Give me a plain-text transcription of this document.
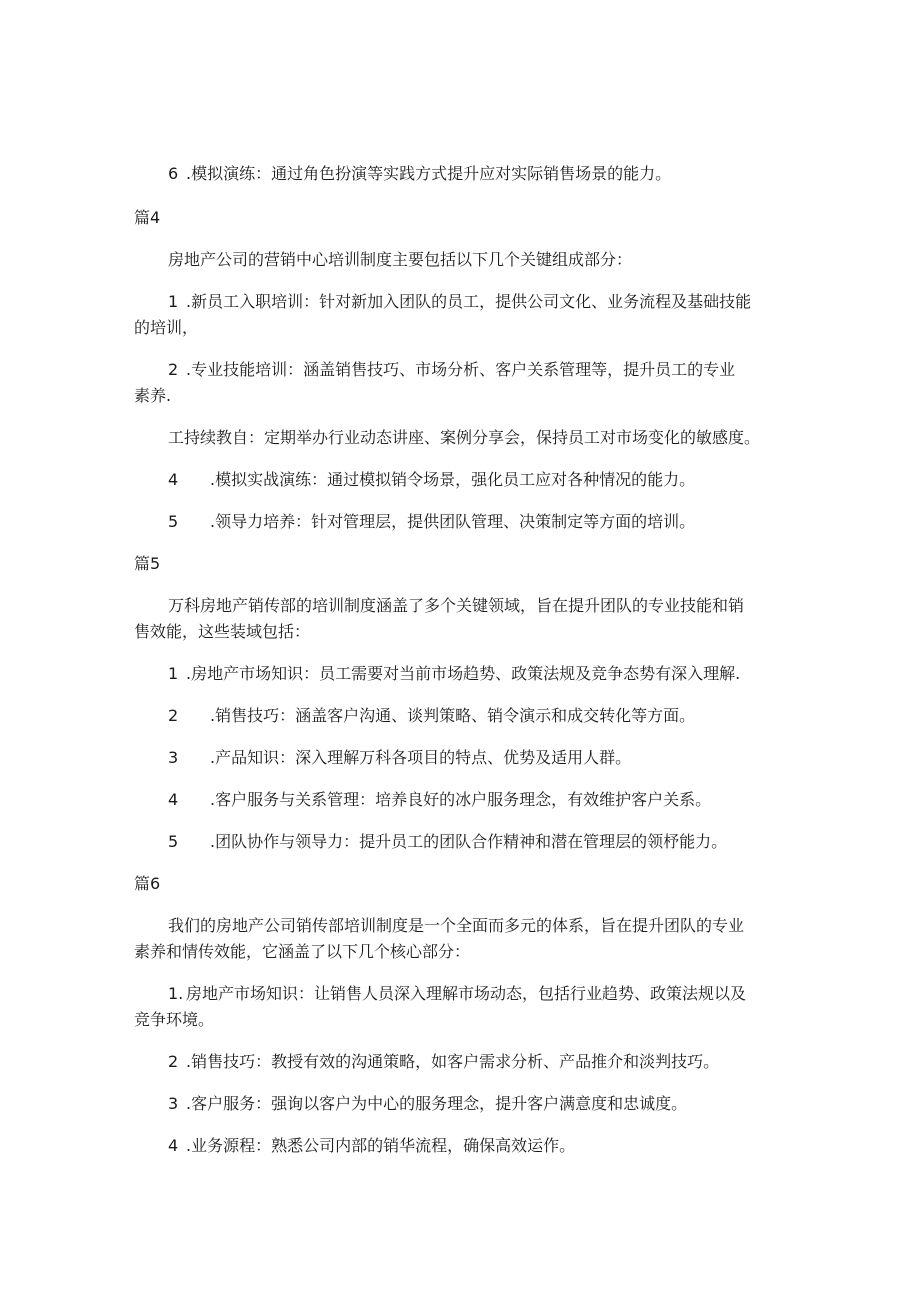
6 .模拟演练：通过角色扮演等实践方式提升应对实际销售场景的能力。
篇4
房地产公司的营销中心培训制度主要包括以下几个关键组成部分：
1 .新员工入职培训：针对新加入团队的员工，提供公司文化、业务流程及基础技能
的培训，
2 .专业技能培训：涵盖销售技巧、市场分析、客户关系管理等，提升员工的专业
素养.
工持续教自：定期举办行业动态讲座、案例分享会，保持员工对市场变化的敏感度。
4 .模拟实战演练：通过模拟销令场景，强化员工应对各种情况的能力。
5 .领导力培养：针对管理层，提供团队管理、决策制定等方面的培训。
篇5
万科房地产销传部的培训制度涵盖了多个关键领域，旨在提升团队的专业技能和销
售效能，这些装域包括：
1 .房地产市场知识：员工需要对当前市场趋势、政策法规及竞争态势有深入理解.
2 .销售技巧：涵盖客户沟通、谈判策略、销令演示和成交转化等方面。
3 .产品知识：深入理解万科各项目的特点、优势及适用人群。
4 .客户服务与关系管理：培养良好的冰户服务理念，有效维护客户关系。
5 .团队协作与领导力：提升员工的团队合作精神和潜在管理层的领杼能力。
篇6
我们的房地产公司销传部培训制度是一个全面而多元的体系，旨在提升团队的专业
素养和情传效能，它涵盖了以下几个核心部分：
1. 房地产市场知识：让销售人员深入理解市场动态，包括行业趋势、政策法规以及
竞争环境。
2 .销售技巧：教授有效的沟通策略，如客户需求分析、产品推介和淡判技巧。
3 .客户服务：强询以客户为中心的服务理念，提升客户满意度和忠诚度。
4 .业务源程：熟悉公司内部的销华流程，确保高效运作。
